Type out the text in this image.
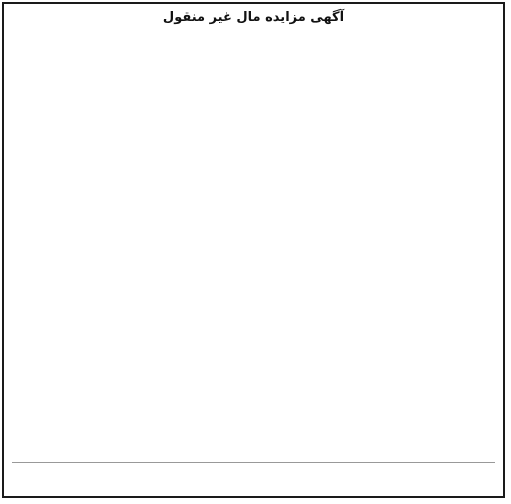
آگهی مزایده مال غیر منقول
